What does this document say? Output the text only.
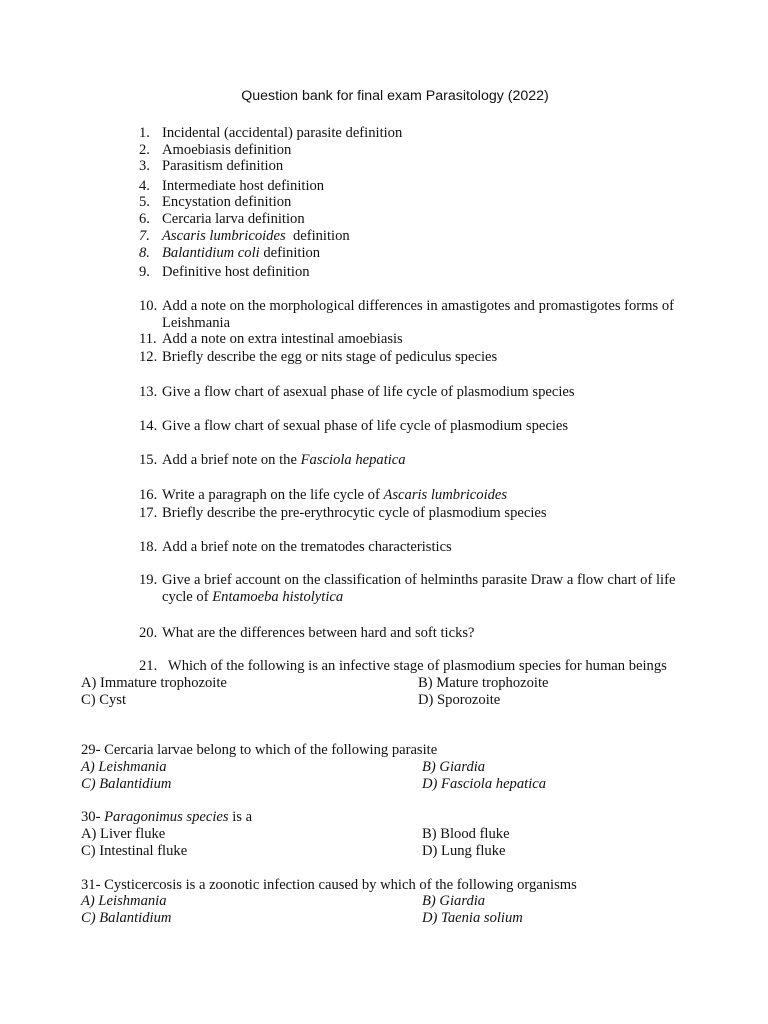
Question bank for final exam Parasitology (2022)
1. Incidental (accidental) parasite definition
2. Amoebiasis definition
3. Parasitism definition
4. Intermediate host definition
5. Encystation definition
6. Cercaria larva definition
7. Ascaris lumbricoides  definition
8. Balantidium coli definition
9. Definitive host definition
10. Add a note on the morphological differences in amastigotes and promastigotes forms of
Leishmania
11. Add a note on extra intestinal amoebiasis
12. Briefly describe the egg or nits stage of pediculus species
13. Give a flow chart of asexual phase of life cycle of plasmodium species
14. Give a flow chart of sexual phase of life cycle of plasmodium species
15. Add a brief note on the Fasciola hepatica
16. Write a paragraph on the life cycle of Ascaris lumbricoides
17. Briefly describe the pre-erythrocytic cycle of plasmodium species
18. Add a brief note on the trematodes characteristics
19. Give a brief account on the classification of helminths parasite Draw a flow chart of life
cycle of Entamoeba histolytica
20. What are the differences between hard and soft ticks?
21.   Which of the following is an infective stage of plasmodium species for human beings
A) Immature trophozoite	B) Mature trophozoite
C) Cyst	D) Sporozoite
29- Cercaria larvae belong to which of the following parasite
A) Leishmania	B) Giardia
C) Balantidium	D) Fasciola hepatica
30- Paragonimus species is a
A) Liver fluke	B) Blood fluke
C) Intestinal fluke	D) Lung fluke
31- Cysticercosis is a zoonotic infection caused by which of the following organisms
A) Leishmania	B) Giardia
C) Balantidium	D) Taenia solium
